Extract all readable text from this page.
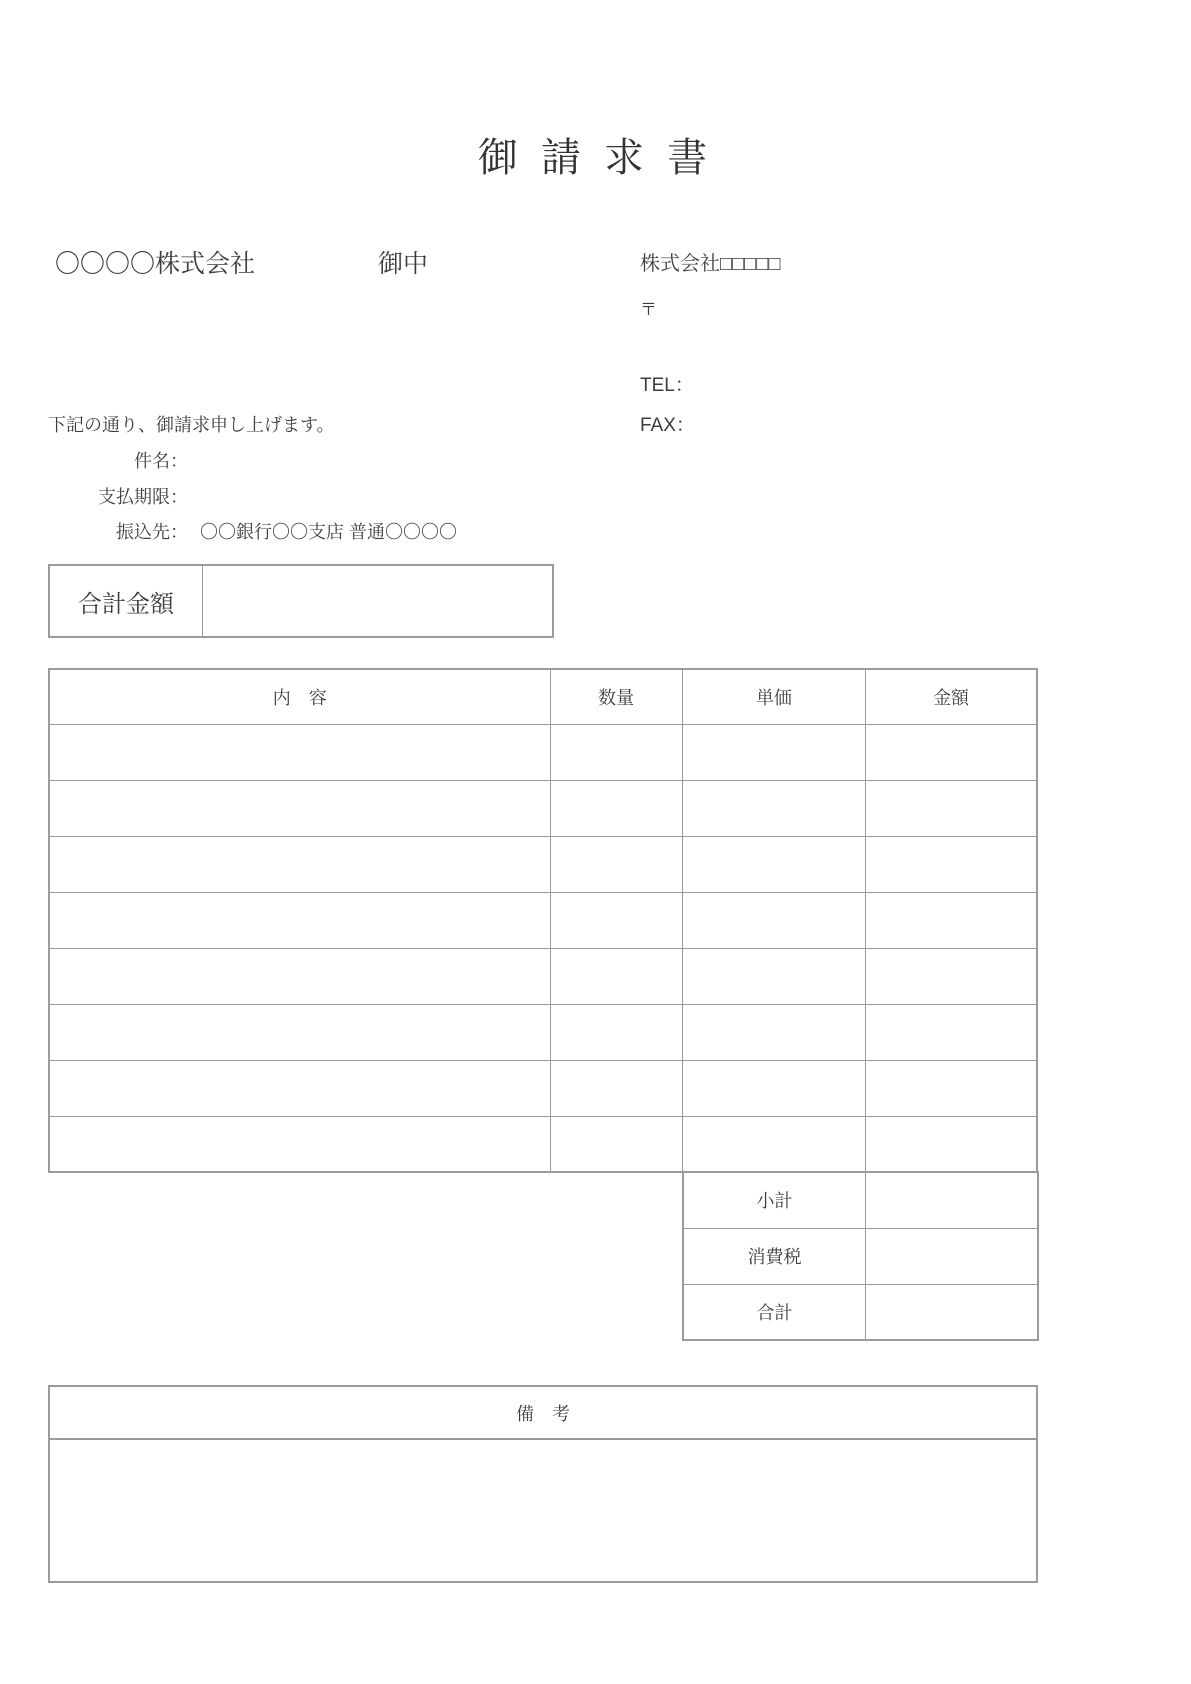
御 請 求 書
〇〇〇〇株式会社	御中	株式会社□□□□□
〒
TEL：
FAX：
下記の通り、御請求申し上げます。
件名：
支払期限：
振込先： 〇〇銀行〇〇支店 普通〇〇〇〇
合計金額
内　容	数量	単価	金額

小計	
消費税	
合計	
備　考
